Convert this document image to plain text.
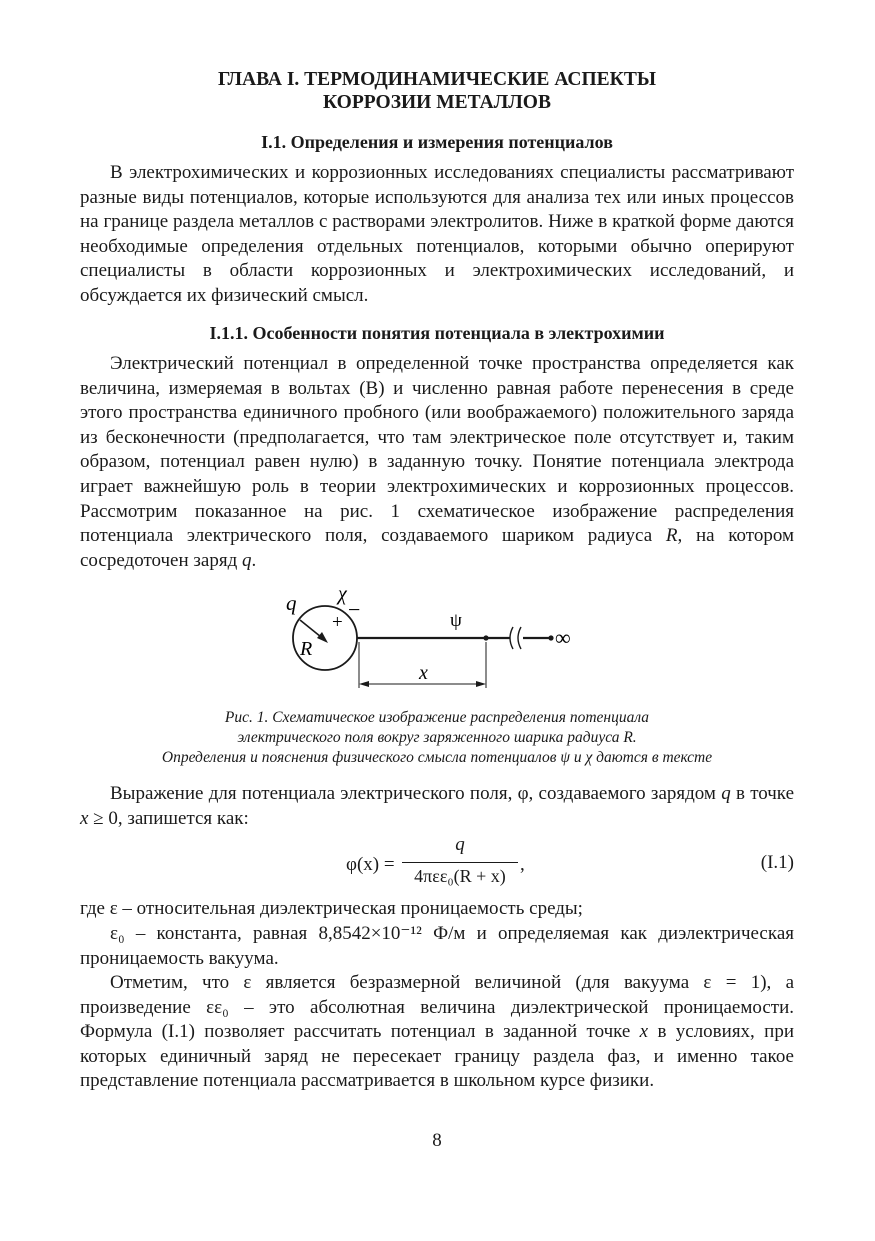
ГЛАВА I. ТЕРМОДИНАМИЧЕСКИЕ АСПЕКТЫ
КОРРОЗИИ МЕТАЛЛОВ
I.1. Определения и измерения потенциалов

В электрохимических и коррозионных исследованиях специалисты рассматривают разные виды потенциалов, которые используются для анализа тех или иных процессов на границе раздела металлов с растворами электролитов. Ниже в краткой форме даются необходимые определения отдельных потенциалов, которыми обычно оперируют специалисты в области коррозионных и электрохимических исследований, и обсуждается их физический смысл.

I.1.1. Особенности понятия потенциала в электрохимии

Электрический потенциал в определенной точке пространства определяется как величина, измеряемая в вольтах (В) и численно равная работе перенесения в среде этого пространства единичного пробного (или воображаемого) положительного заряда из бесконечности (предполагается, что там электрическое поле отсутствует и, таким образом, потенциал равен нулю) в заданную точку. Понятие потенциала электрода играет важнейшую роль в теории электрохимических и коррозионных процессов. Рассмотрим показанное на рис. 1 схематическое изображение распределения потенциала электрического поля, создаваемого шариком радиуса R, на котором сосредоточен заряд q.

q χ
−
+
R
ψ
x
∞
Рис. 1. Схематическое изображение распределения потенциала
электрического поля вокруг заряженного шарика радиуса R.
Определения и пояснения физического смысла потенциалов ψ и χ даются в тексте

Выражение для потенциала электрического поля, φ, создаваемого зарядом q в точке x ≥ 0, запишется как:

φ(x) =
q
4πεε₀(R + x)
,	(I.1)

где ε – относительная диэлектрическая проницаемость среды;

ε₀ – константа, равная 8,8542×10⁻¹² Ф/м и определяемая как диэлектрическая проницаемость вакуума.

Отметим, что ε является безразмерной величиной (для вакуума ε = 1), а произведение εε₀ – это абсолютная величина диэлектрической проницаемости. Формула (I.1) позволяет рассчитать потенциал в заданной точке x в условиях, при которых единичный заряд не пересекает границу раздела фаз, и именно такое представление потенциала рассматривается в школьном курсе физики.

8
